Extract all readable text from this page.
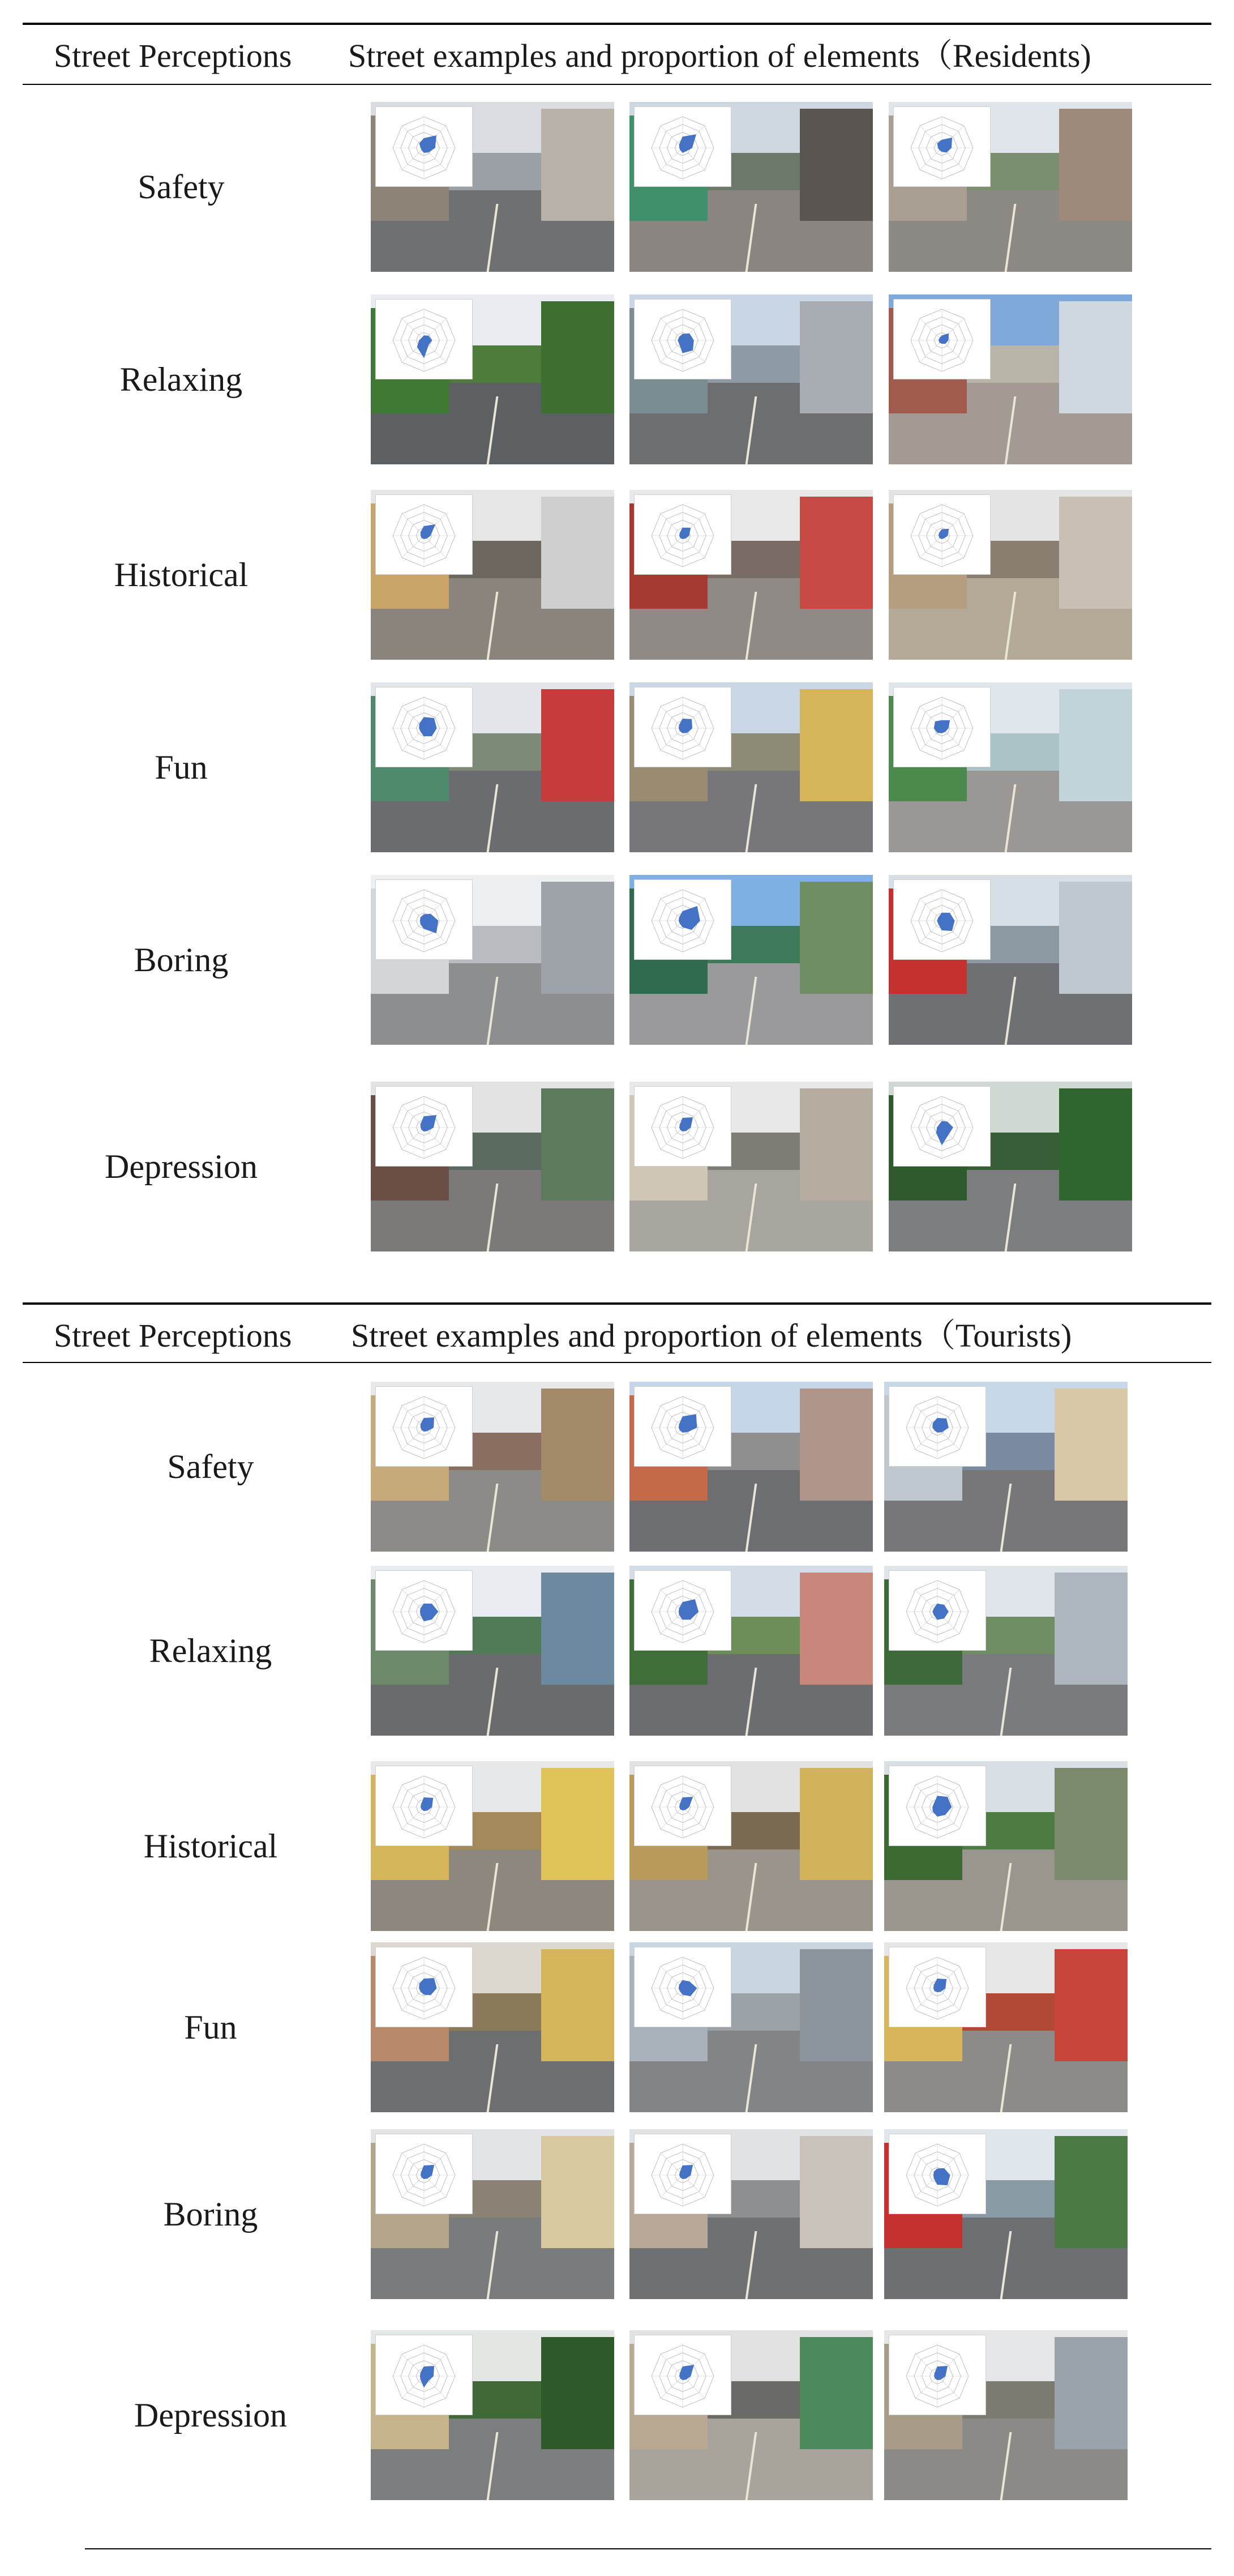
Street Perceptions Street examples and proportion of elements（Residents)
Street Perceptions Street examples and proportion of elements（Tourists)
Safety
Relaxing
Historical
Fun
Boring
Depression
Safety
Relaxing
Historical
Fun
Boring
Depression
